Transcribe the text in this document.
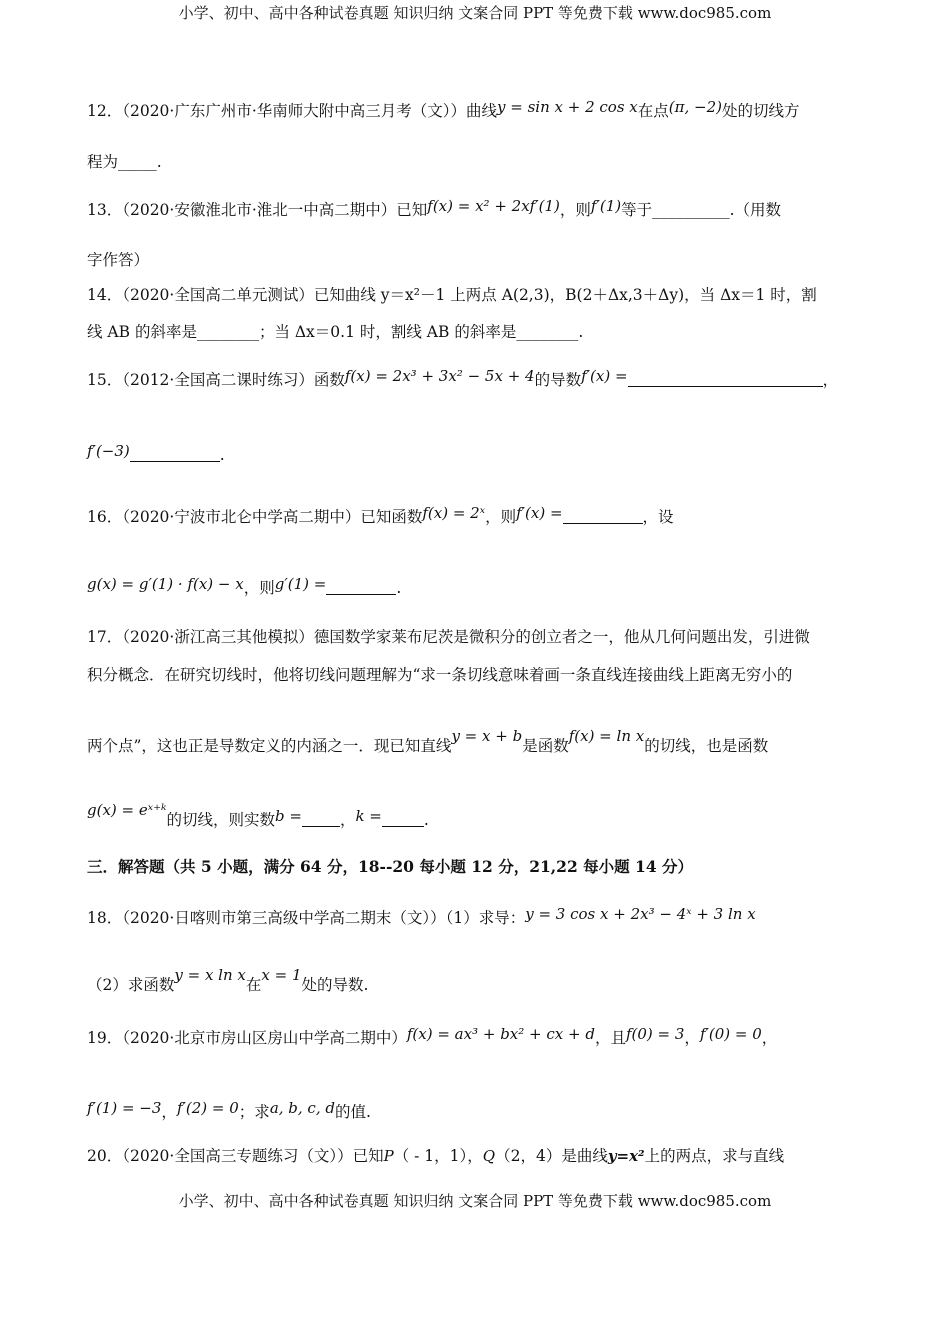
小学、初中、高中各种试卷真题 知识归纳 文案合同 PPT 等免费下载 www.doc985.com
12．（2020·广东广州市·华南师大附中高三月考（文））曲线y = sin x + 2 cos x在点(π, −2)处的切线方
程为_____.
13．（2020·安徽淮北市·淮北一中高二期中）已知f(x) = x² + 2xf′(1)，则f′(1)等于__________.（用数
字作答）
14．（2020·全国高二单元测试）已知曲线 y＝x²－1 上两点 A(2,3)，B(2＋Δx,3＋Δy)，当 Δx＝1 时，割
线 AB 的斜率是________；当 Δx＝0.1 时，割线 AB 的斜率是________.
15．（2012·全国高二课时练习）函数f(x) = 2x³ + 3x² − 5x + 4的导数f′(x) =	，
f′(−3)	.
16．（2020·宁波市北仑中学高二期中）已知函数f(x) = 2ˣ，则f′(x) =	，设
g(x) = g′(1) · f(x) − x，则g′(1) =	.
17．（2020·浙江高三其他模拟）德国数学家莱布尼茨是微积分的创立者之一，他从几何问题出发，引进微
积分概念．在研究切线时，他将切线问题理解为“求一条切线意味着画一条直线连接曲线上距离无穷小的
两个点”，这也正是导数定义的内涵之一．现已知直线y = x + b是函数f(x) = ln x的切线，也是函数
g(x) = eˣ⁺ᵏ的切线，则实数b = ，k =	.
三．解答题（共 5 小题，满分 64 分，18--20 每小题 12 分，21,22 每小题 14 分）
18．（2020·日喀则市第三高级中学高二期末（文））（1）求导：y = 3 cos x + 2x³ − 4ˣ + 3 ln x
（2）求函数y = x ln x在x = 1处的导数.
19．（2020·北京市房山区房山中学高二期中）f(x) = ax³ + bx² + cx + d，且f(0) = 3，f′(0) = 0，
f′(1) = −3，f′(2) = 0；求a, b, c, d的值.
20．（2020·全国高三专题练习（文））已知P（ - 1，1），Q（2，4）是曲线y=x²上的两点，求与直线
小学、初中、高中各种试卷真题 知识归纳 文案合同 PPT 等免费下载 www.doc985.com
